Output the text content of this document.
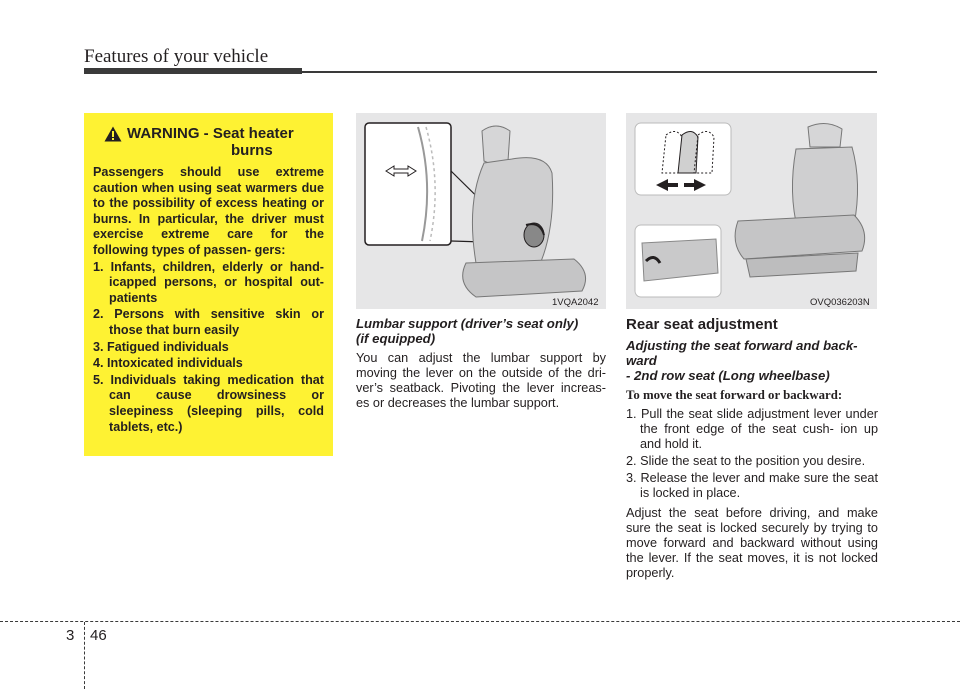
Features of your vehicle
WARNING - Seat heater
burns
Passengers should use extreme caution when using seat warmers due to the possibility of excess heating or burns. In particular, the driver must exercise extreme care for the following types of passen- gers:
1. Infants, children, elderly or hand- icapped persons, or hospital out- patients
2. Persons with sensitive skin or those that burn easily
3. Fatigued individuals
4. Intoxicated individuals
5. Individuals taking medication that can cause drowsiness or sleepiness (sleeping pills, cold tablets, etc.)
1VQA2042	OVQ036203N
Lumbar support (driver’s seat only)
(if equipped)
You can adjust the lumbar support by moving the lever on the outside of the dri- ver’s seatback. Pivoting the lever increas- es or decreases the lumbar support.
Rear seat adjustment
Adjusting the seat forward and back-
ward
- 2nd row seat (Long wheelbase)
To move the seat forward or backward:
1. Pull the seat slide adjustment lever under the front edge of the seat cush- ion up and hold it.
2. Slide the seat to the position you desire.
3. Release the lever and make sure the seat is locked in place.
Adjust the seat before driving, and make sure the seat is locked securely by trying to move forward and backward without using the lever. If the seat moves, it is not locked properly.
3 46
